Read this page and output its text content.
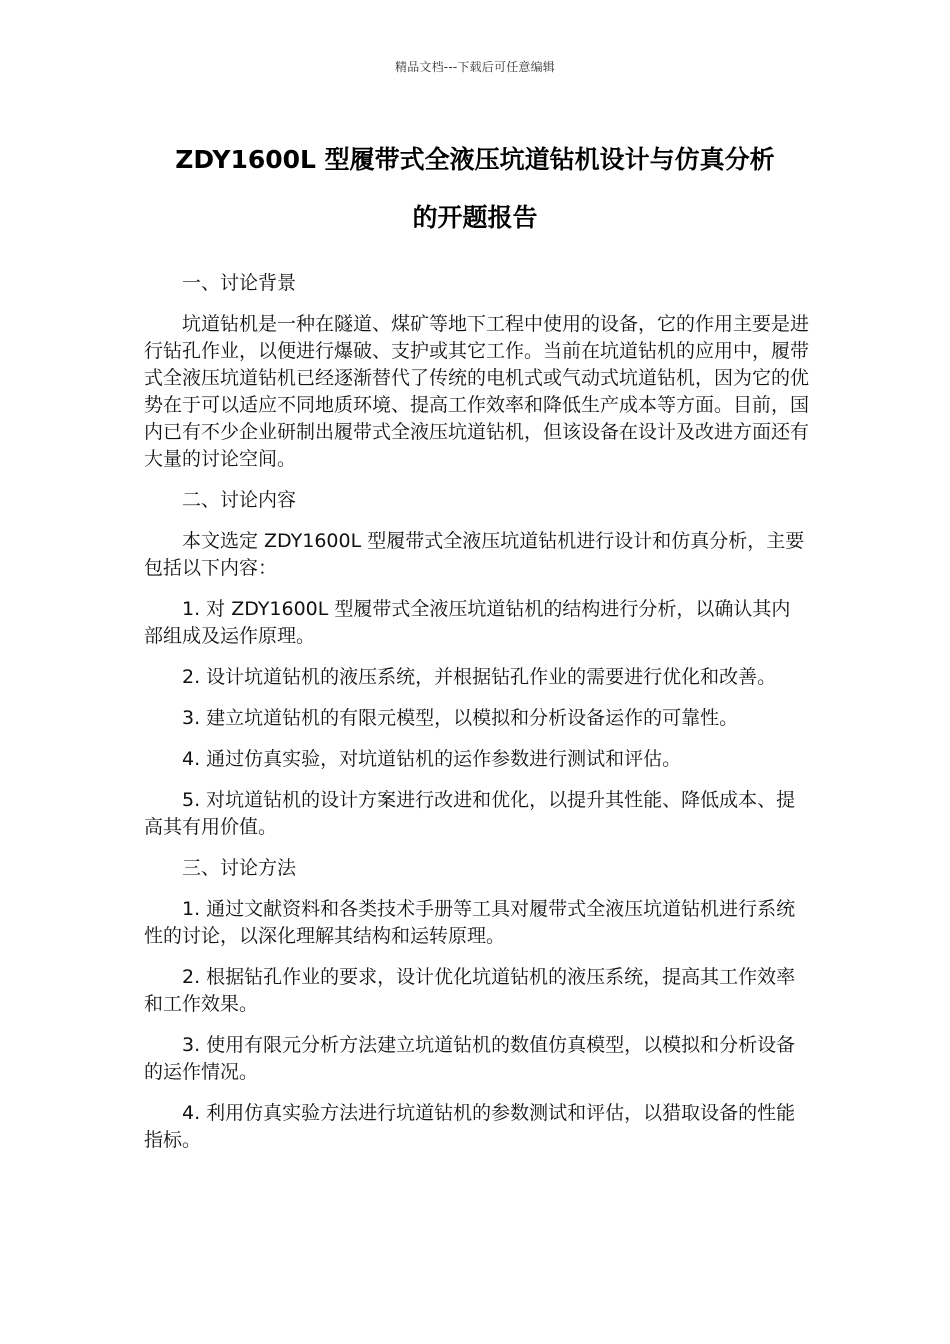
精品文档---下载后可任意编辑
ZDY1600L 型履带式全液压坑道钻机设计与仿真分析
的开题报告

一、讨论背景

坑道钻机是一种在隧道、煤矿等地下工程中使用的设备，它的作用主要是进行钻孔作业，以便进行爆破、支护或其它工作。当前在坑道钻机的应用中，履带式全液压坑道钻机已经逐渐替代了传统的电机式或气动式坑道钻机，因为它的优势在于可以适应不同地质环境、提高工作效率和降低生产成本等方面。目前，国内已有不少企业研制出履带式全液压坑道钻机，但该设备在设计及改进方面还有大量的讨论空间。

二、讨论内容

本文选定 ZDY1600L 型履带式全液压坑道钻机进行设计和仿真分析，主要包括以下内容：

1. 对 ZDY1600L 型履带式全液压坑道钻机的结构进行分析，以确认其内部组成及运作原理。

2. 设计坑道钻机的液压系统，并根据钻孔作业的需要进行优化和改善。

3. 建立坑道钻机的有限元模型，以模拟和分析设备运作的可靠性。

4. 通过仿真实验，对坑道钻机的运作参数进行测试和评估。

5. 对坑道钻机的设计方案进行改进和优化，以提升其性能、降低成本、提高其有用价值。

三、讨论方法

1. 通过文献资料和各类技术手册等工具对履带式全液压坑道钻机进行系统性的讨论，以深化理解其结构和运转原理。

2. 根据钻孔作业的要求，设计优化坑道钻机的液压系统，提高其工作效率和工作效果。

3. 使用有限元分析方法建立坑道钻机的数值仿真模型，以模拟和分析设备的运作情况。

4. 利用仿真实验方法进行坑道钻机的参数测试和评估，以猎取设备的性能指标。
